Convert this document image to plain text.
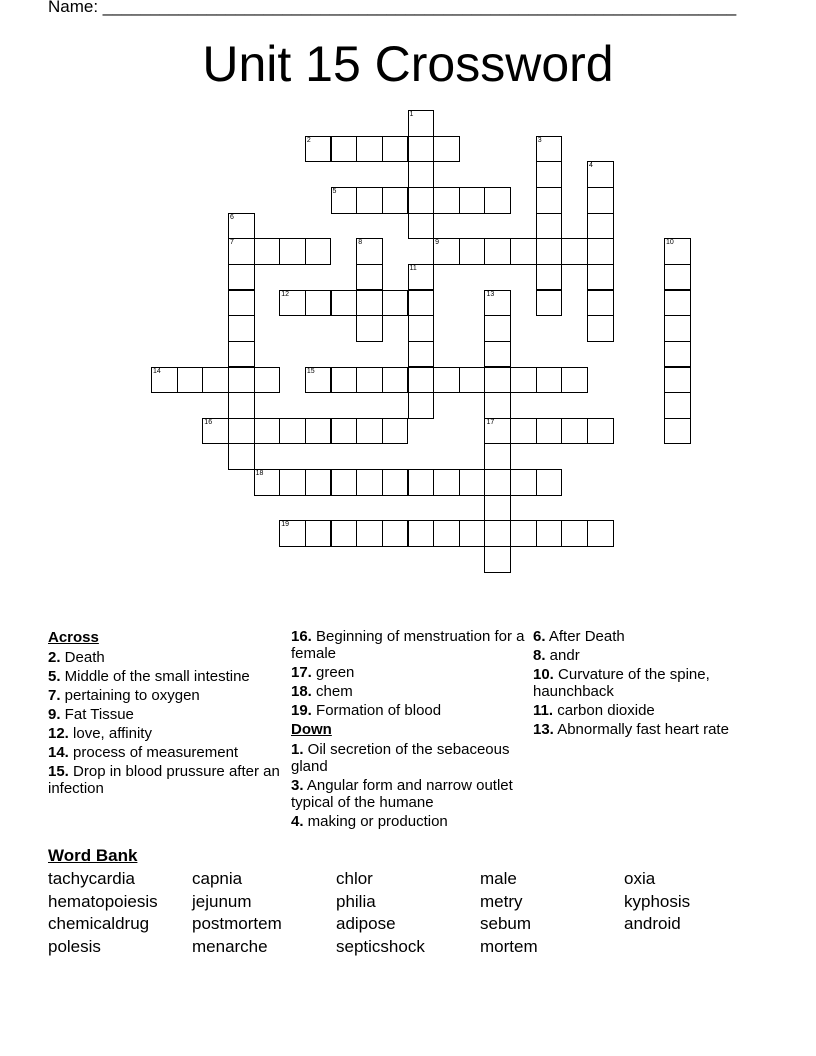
Name: ___________________________________________________________________
Unit 15 Crossword
1
2	3
4
5
6
7	8	9	10
11
12	13
17
14	15
16
18
19
Across
2. Death
5. Middle of the small intestine
7. pertaining to oxygen
9. Fat Tissue
12. love, affinity
14. process of measurement
15. Drop in blood prussure after an infection
16. Beginning of menstruation for a female
17. green
18. chem
19. Formation of blood
Down
1. Oil secretion of the sebaceous gland
3. Angular form and narrow outlet typical of the humane
4. making or production
6. After Death
8. andr
10. Curvature of the spine, haunchback
11. carbon dioxide
13. Abnormally fast heart rate
Word Bank
tachycardia	capnia	chlor	male	oxia
hematopoiesis	jejunum	philia	metry	kyphosis
chemicaldrug	postmortem	adipose	sebum	android
polesis	menarche	septicshock	mortem
